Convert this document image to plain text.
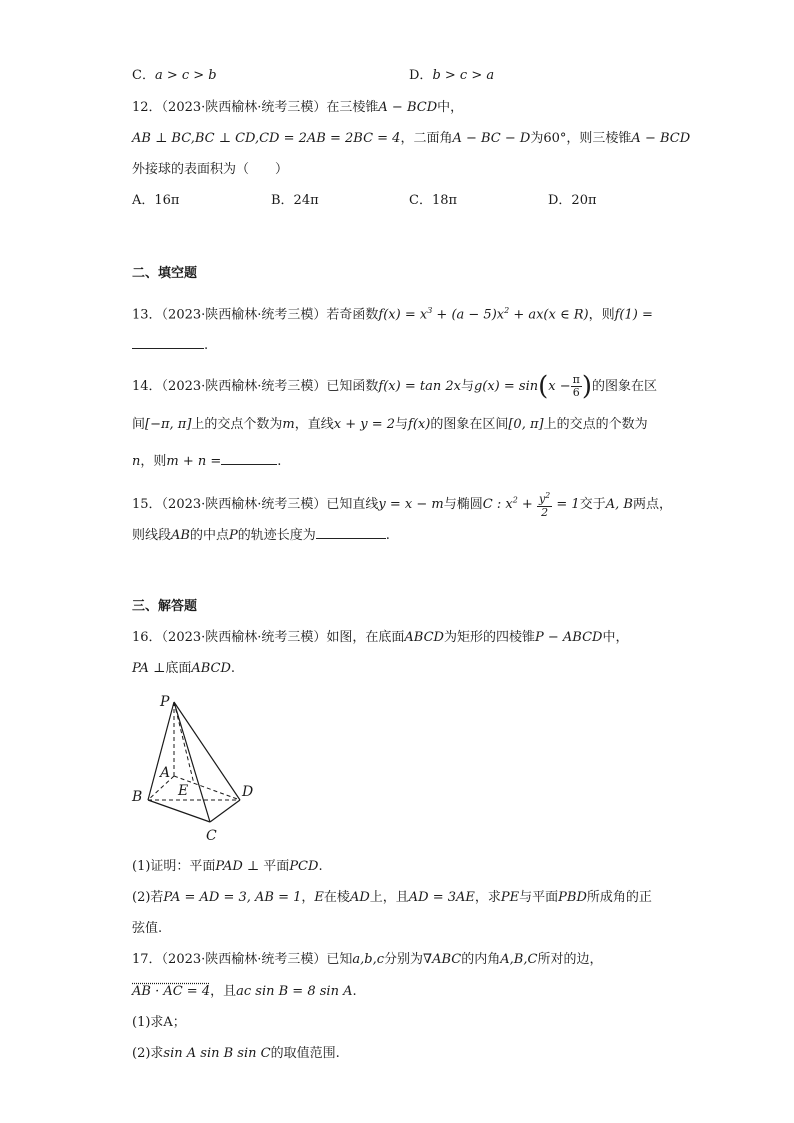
C．a > c > b	D．b > c > a
12．（2023·陕西榆林·统考三模）在三棱锥A − BCD中，
AB ⊥ BC,BC ⊥ CD,CD = 2AB = 2BC = 4，二面角A − BC − D为60°，则三棱锥A − BCD
外接球的表面积为（　　）
A．16π	B．24π	C．18π	D．20π
二、填空题
13．（2023·陕西榆林·统考三模）若奇函数$f(x) = x^3 + (a - 5)x^2 + ax(x$ ∈ R)，则f(1) =
.
14．（2023·陕西榆林·统考三模）已知函数f(x) = tan 2x与$g(x) = \sin(x - \frac{\pi}{6}$ )的图象在区
间[−π, π]上的交点个数为m，直线x + y = 2与f(x)的图象在区间[0, π]上的交点的个数为
n，则m + n =	.
15．（2023·陕西榆林·统考三模）已知直线y = x − m与椭圆C : $x^2 + \frac{y^2}{2} = 1$交于A, B两点，
则线段AB的中点P的轨迹长度为	.
三、解答题
16．（2023·陕西榆林·统考三模）如图，在底面ABCD为矩形的四棱锥P − ABCD中，
PA ⊥底面ABCD.
P
A
B	E	D
C
(1)证明：平面PAD ⊥ 平面PCD.
(2)若PA = AD = 3, AB = 1，E在棱AD上，且AD = 3AE，求PE与平面PBD所成角的正
弦值.
17．（2023·陕西榆林·统考三模）已知a,b,c分别为∇ABC的内角A,B,C所对的边，
AB · AC = 4，且ac sin B = 8 sin A.
(1)求A；
(2)求sin A sin B sin C的取值范围.
